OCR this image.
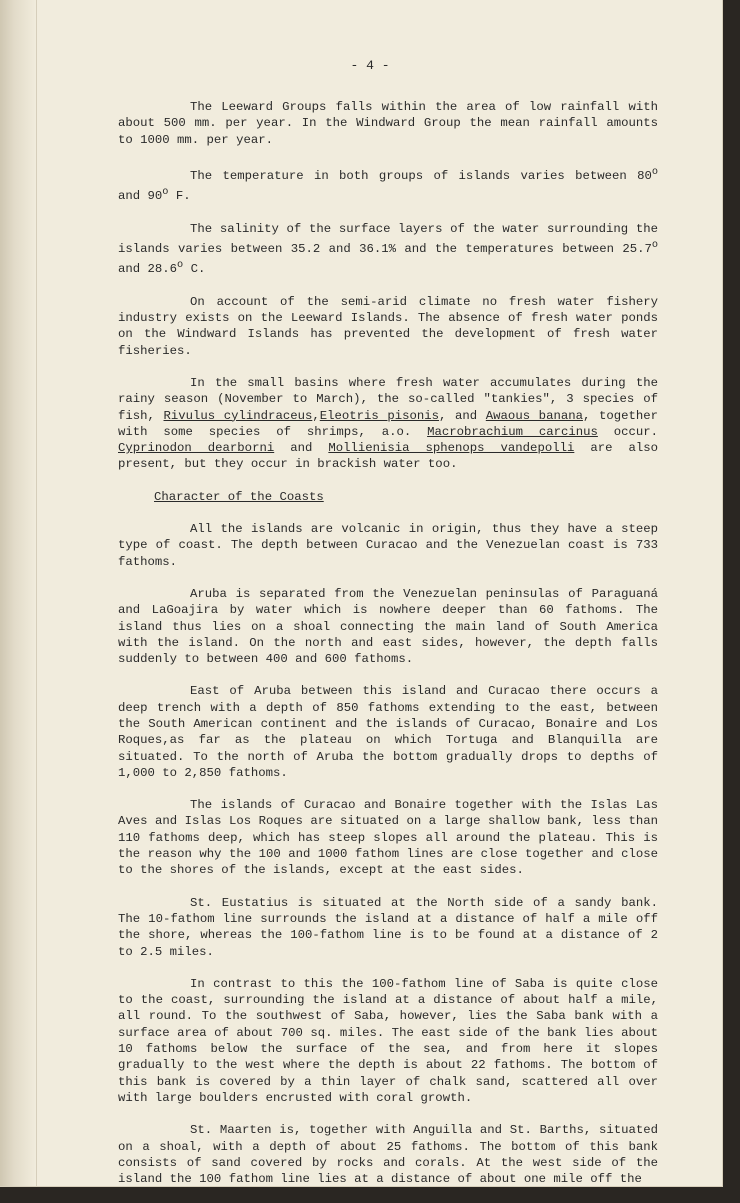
- 4 -

The Leeward Groups falls within the area of low rainfall with about 500 mm. per year. In the Windward Group the mean rainfall amounts to 1000 mm. per year.

The temperature in both groups of islands varies between 80$^o$ and 90$^o$ F.

The salinity of the surface layers of the water surrounding the islands varies between 35.2 and 36.1% and the temperatures between 25.7$^o$ and 28.6$^o$ C.

On account of the semi-arid climate no fresh water fishery industry exists on the Leeward Islands. The absence of fresh water ponds on the Windward Islands has prevented the development of fresh water fisheries.

In the small basins where fresh water accumulates during the rainy season (November to March), the so-called "tankies", 3 species of fish, Rivulus cylindraceus,Eleotris pisonis, and Awaous banana, together with some species of shrimps, a.o. Macrobrachium carcinus occur. Cyprinodon dearborni and Mollienisia sphenops vandepolli are also present, but they occur in brackish water too.

Character of the Coasts

All the islands are volcanic in origin, thus they have a steep type of coast. The depth between Curacao and the Venezuelan coast is 733 fathoms.

Aruba is separated from the Venezuelan peninsulas of Paraguaná and LaGoajira by water which is nowhere deeper than 60 fathoms. The island thus lies on a shoal connecting the main land of South America with the island. On the north and east sides, however, the depth falls suddenly to between 400 and 600 fathoms.

East of Aruba between this island and Curacao there occurs a deep trench with a depth of 850 fathoms extending to the east, between the South American continent and the islands of Curacao, Bonaire and Los Roques,as far as the plateau on which Tortuga and Blanquilla are situated. To the north of Aruba the bottom gradually drops to depths of 1,000 to 2,850 fathoms.

The islands of Curacao and Bonaire together with the Islas Las Aves and Islas Los Roques are situated on a large shallow bank, less than 110 fathoms deep, which has steep slopes all around the plateau. This is the reason why the 100 and 1000 fathom lines are close together and close to the shores of the islands, except at the east sides.

St. Eustatius is situated at the North side of a sandy bank. The 10-fathom line surrounds the island at a distance of half a mile off the shore, whereas the 100-fathom line is to be found at a distance of 2 to 2.5 miles.

In contrast to this the 100-fathom line of Saba is quite close to the coast, surrounding the island at a distance of about half a mile, all round. To the southwest of Saba, however, lies the Saba bank with a surface area of about 700 sq. miles. The east side of the bank lies about 10 fathoms below the surface of the sea, and from here it slopes gradually to the west where the depth is about 22 fathoms. The bottom of this bank is covered by a thin layer of chalk sand, scattered all over with large boulders encrusted with coral growth.

St. Maarten is, together with Anguilla and St. Barths, situated on a shoal, with a depth of about 25 fathoms. The bottom of this bank consists of sand covered by rocks and corals. At the west side of the island the 100 fathom line lies at a distance of about one mile off the
